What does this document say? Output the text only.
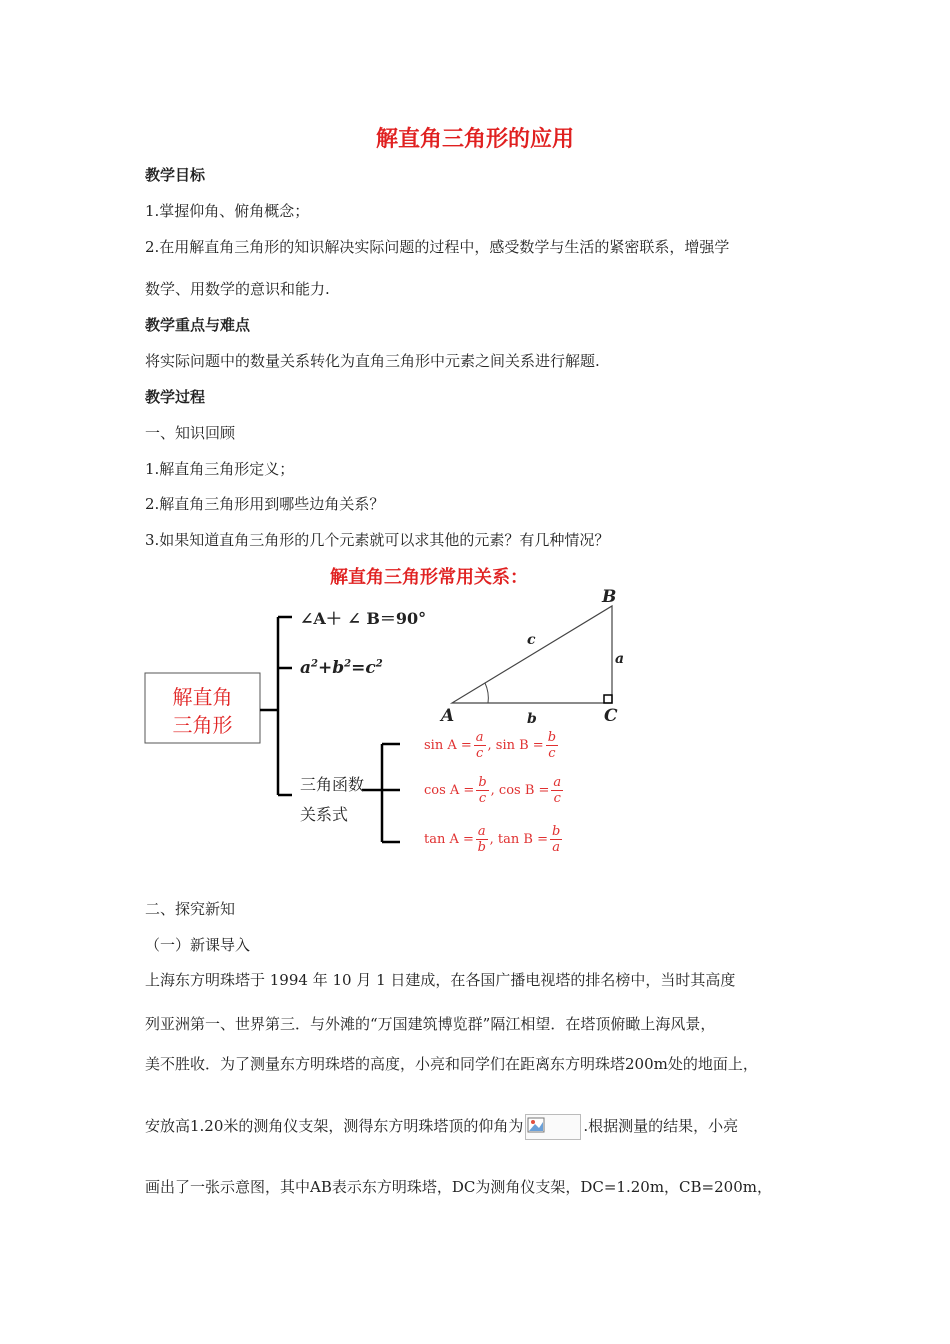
解直角三角形的应用
教学目标
1.掌握仰角、俯角概念；
2.在用解直角三角形的知识解决实际问题的过程中，感受数学与生活的紧密联系，增强学
数学、用数学的意识和能力.
教学重点与难点
将实际问题中的数量关系转化为直角三角形中元素之间关系进行解题.
教学过程
一、知识回顾
1.解直角三角形定义；
2.解直角三角形用到哪些边角关系？
3.如果知道直角三角形的几个元素就可以求其他的元素？有几种情况？
解直角三角形常用关系：
解直角
三角形
∠A＋ ∠ B＝90°
$a^2+b^2=c^2$
三角函数
关系式
A
B
C
a
b
c
$\sin A = \frac{a}{c}$ , $\sin B = \frac{b}{c}$
$\cos A = \frac{b}{c}$ , $\cos B = \frac{a}{c}$
$\tan A = \frac{a}{b}$ , $\tan B = \frac{b}{a}$
二、探究新知
（一）新课导入
上海东方明珠塔于 1994 年 10 月 1 日建成，在各国广播电视塔的排名榜中，当时其高度
列亚洲第一、世界第三．与外滩的“万国建筑博览群”隔江相望．在塔顶俯瞰上海风景，
美不胜收．为了测量东方明珠塔的高度，小亮和同学们在距离东方明珠塔200m处的地面上，
安放高1.20米的测角仪支架，测得东方明珠塔顶的仰角为	.根据测量的结果，小亮
画出了一张示意图，其中AB表示东方明珠塔，DC为测角仪支架，DC=1.20m，CB=200m，
